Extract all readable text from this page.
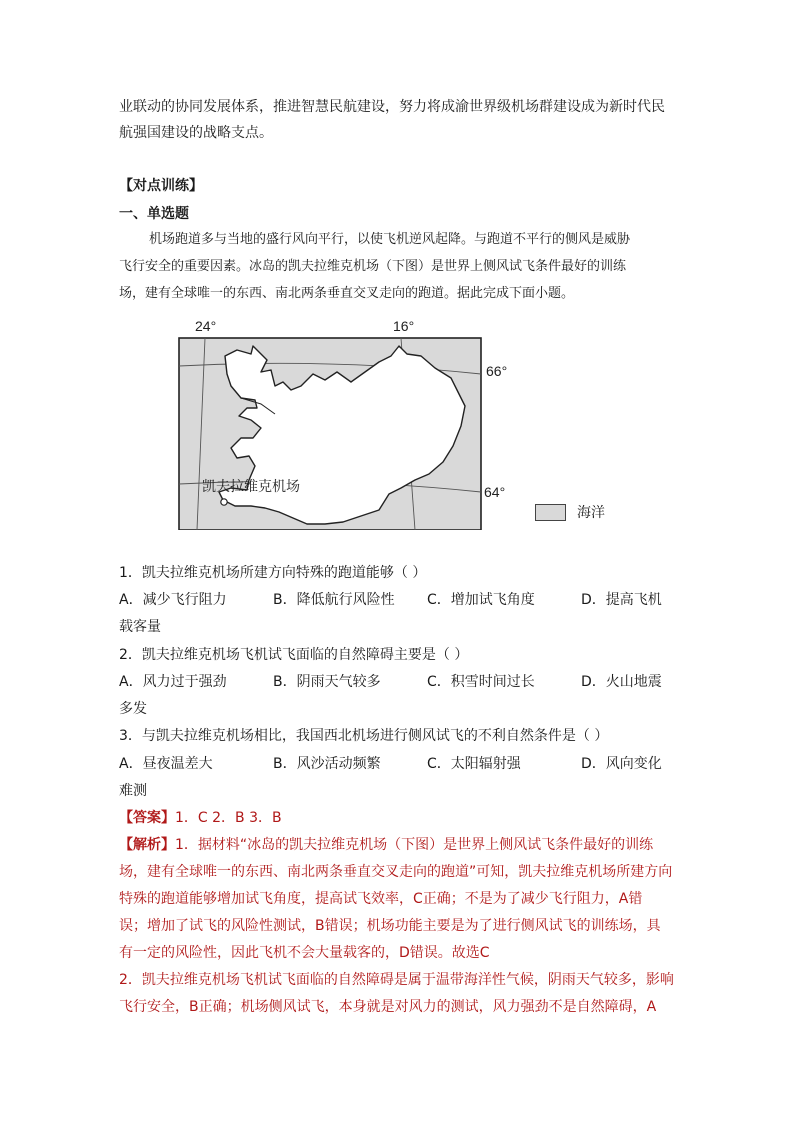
业联动的协同发展体系，推进智慧民航建设，努力将成渝世界级机场群建设成为新时代民
航强国建设的战略支点。
【对点训练】
一、单选题
机场跑道多与当地的盛行风向平行，以使飞机逆风起降。与跑道不平行的侧风是威胁
飞行安全的重要因素。冰岛的凯夫拉维克机场（下图）是世界上侧风试飞条件最好的训练
场，建有全球唯一的东西、南北两条垂直交叉走向的跑道。据此完成下面小题。
24°	16°
66°
64°
凯夫拉维克机场
海洋
1．凯夫拉维克机场所建方向特殊的跑道能够（ ）
A．减少飞行阻力	B．降低航行风险性 C．增加试飞角度	D．提高飞机
载客量
2．凯夫拉维克机场飞机试飞面临的自然障碍主要是（ ）
A．风力过于强劲	B．阴雨天气较多	C．积雪时间过长	D．火山地震
多发
3．与凯夫拉维克机场相比，我国西北机场进行侧风试飞的不利自然条件是（ ）
A．昼夜温差大	B．风沙活动频繁	C．太阳辐射强	D．风向变化
难测
【答案】1．C 2．B 3．B
【解析】1．据材料“冰岛的凯夫拉维克机场（下图）是世界上侧风试飞条件最好的训练
场，建有全球唯一的东西、南北两条垂直交叉走向的跑道”可知，凯夫拉维克机场所建方向
特殊的跑道能够增加试飞角度，提高试飞效率，C正确；不是为了减少飞行阻力，A错
误；增加了试飞的风险性测试，B错误；机场功能主要是为了进行侧风试飞的训练场，具
有一定的风险性，因此飞机不会大量载客的，D错误。故选C
2．凯夫拉维克机场飞机试飞面临的自然障碍是属于温带海洋性气候，阴雨天气较多，影响
飞行安全，B正确；机场侧风试飞，本身就是对风力的测试，风力强劲不是自然障碍，A
